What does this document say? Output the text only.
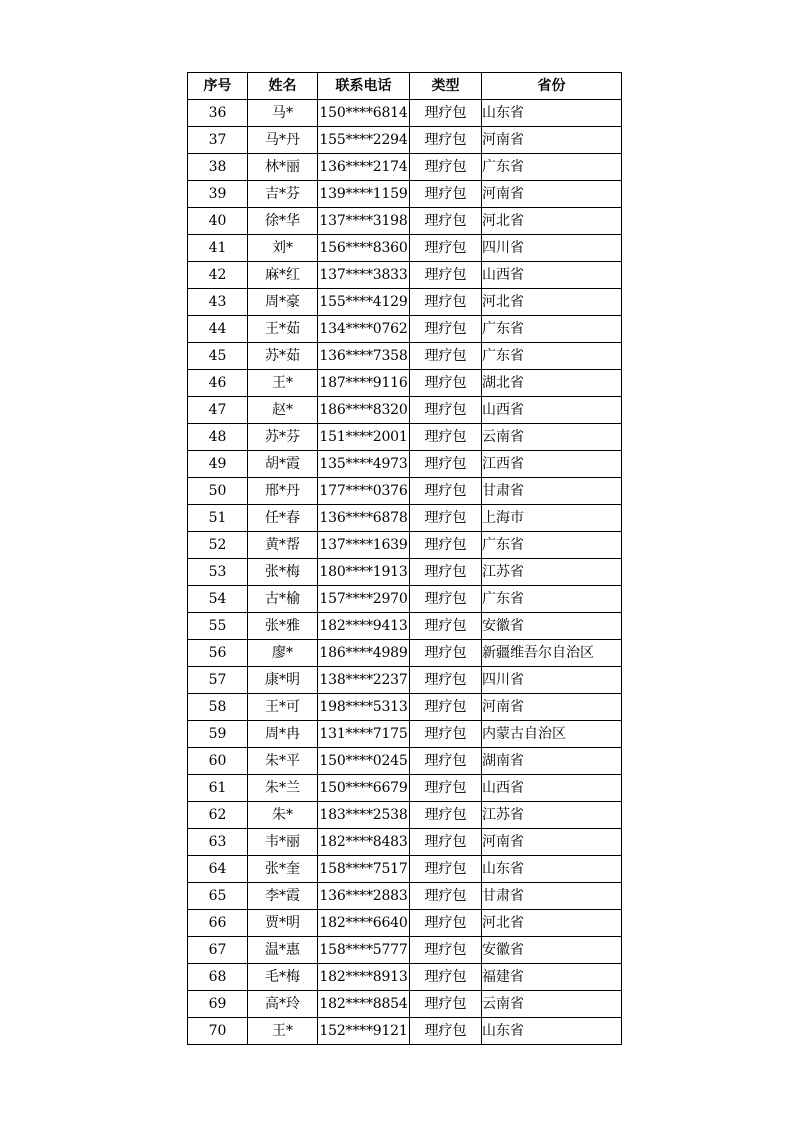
序号	姓名	联系电话	类型	省份
36	马*	150****6814	理疗包	山东省
37	马*丹	155****2294	理疗包	河南省
38	林*丽	136****2174	理疗包	广东省
39	吉*芬	139****1159	理疗包	河南省
40	徐*华	137****3198	理疗包	河北省
41	刘*	156****8360	理疗包	四川省
42	麻*红	137****3833	理疗包	山西省
43	周*豪	155****4129	理疗包	河北省
44	王*茹	134****0762	理疗包	广东省
45	苏*茹	136****7358	理疗包	广东省
46	王*	187****9116	理疗包	湖北省
47	赵*	186****8320	理疗包	山西省
48	苏*芬	151****2001	理疗包	云南省
49	胡*霞	135****4973	理疗包	江西省
50	邢*丹	177****0376	理疗包	甘肃省
51	任*春	136****6878	理疗包	上海市
52	黄*帮	137****1639	理疗包	广东省
53	张*梅	180****1913	理疗包	江苏省
54	古*榆	157****2970	理疗包	广东省
55	张*雅	182****9413	理疗包	安徽省
56	廖*	186****4989	理疗包	新疆维吾尔自治区
57	康*明	138****2237	理疗包	四川省
58	王*可	198****5313	理疗包	河南省
59	周*冉	131****7175	理疗包	内蒙古自治区
60	朱*平	150****0245	理疗包	湖南省
61	朱*兰	150****6679	理疗包	山西省
62	朱*	183****2538	理疗包	江苏省
63	韦*丽	182****8483	理疗包	河南省
64	张*奎	158****7517	理疗包	山东省
65	李*霞	136****2883	理疗包	甘肃省
66	贾*明	182****6640	理疗包	河北省
67	温*惠	158****5777	理疗包	安徽省
68	毛*梅	182****8913	理疗包	福建省
69	高*玲	182****8854	理疗包	云南省
70	王*	152****9121	理疗包	山东省
